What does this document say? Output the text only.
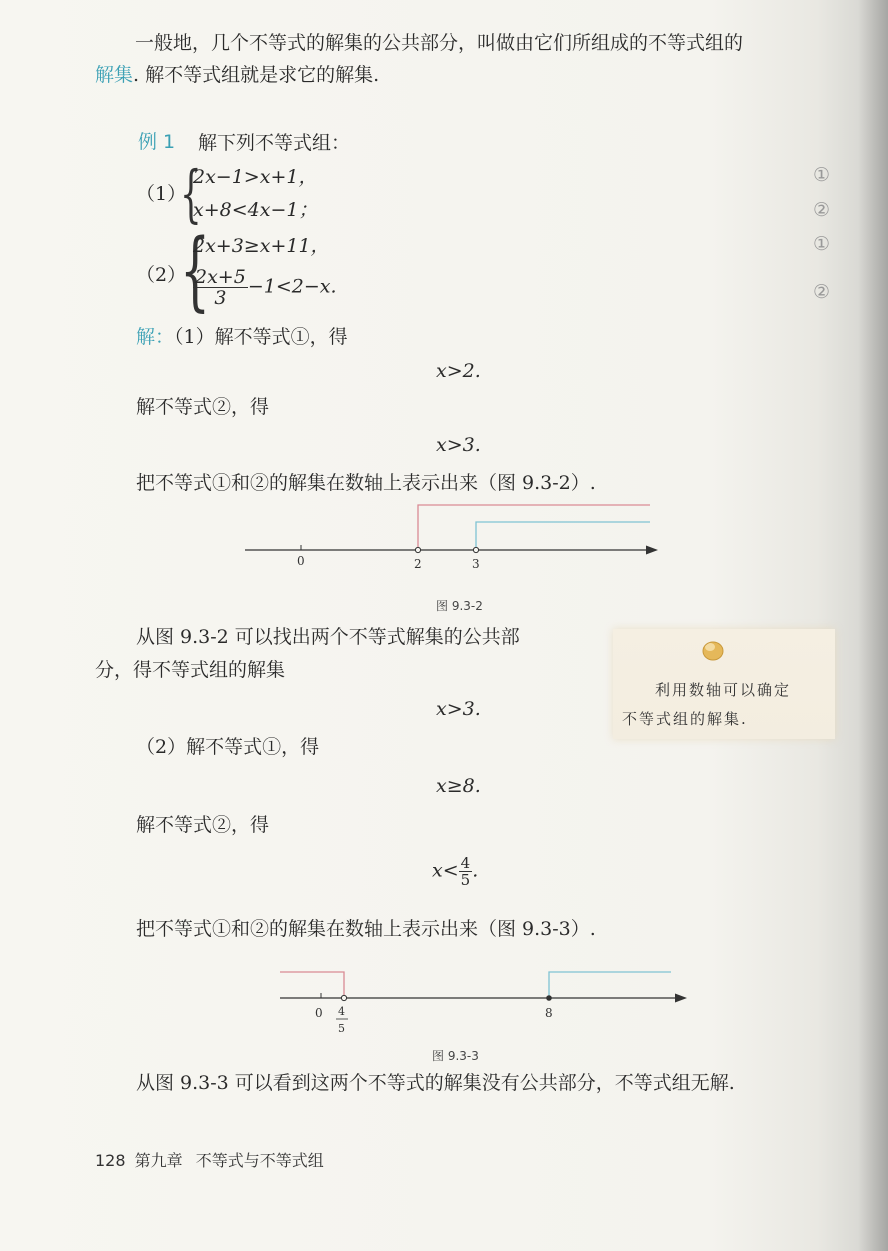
一般地，几个不等式的解集的公共部分，叫做由它们所组成的不等式组的
解集. 解不等式组就是求它的解集.
例 1 解下列不等式组：
（1）
{
2x−1>x+1，
x+8<4x−1；
①
②
（2）
{
2x+3≥x+11，
$\frac{2x+5}{3} -1<2-x$.
①
②
解：（1）解不等式①，得
x>2.
解不等式②，得
x>3.
把不等式①和②的解集在数轴上表示出来（图 9.3-2）.
0	2	3
图 9.3-2
从图 9.3-2 可以找出两个不等式解集的公共部
分，得不等式组的解集
利用数轴可以确定
不等式组的解集.
x>3.
（2）解不等式①，得
x≥8.
解不等式②，得
$x< \frac{4}{5}$ .
把不等式①和②的解集在数轴上表示出来（图 9.3-3）.
0 4
5
8
图 9.3-3
从图 9.3-3 可以看到这两个不等式的解集没有公共部分，不等式组无解.
128 第九章 不等式与不等式组
